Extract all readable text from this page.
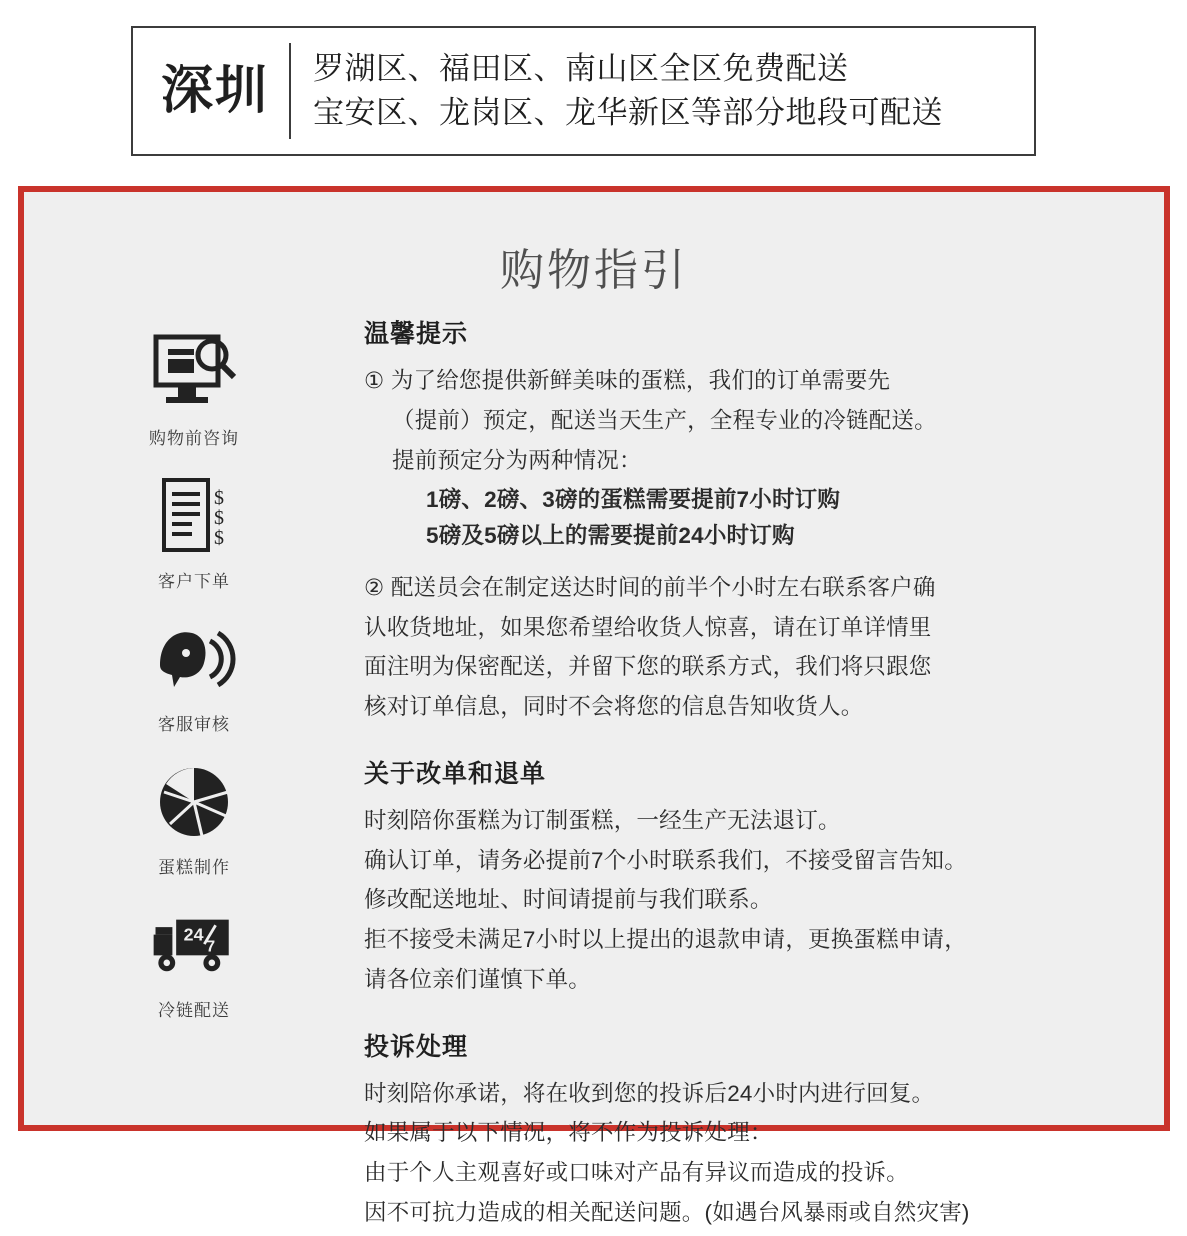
深圳	罗湖区、福田区、南山区全区免费配送
宝安区、龙岗区、龙华新区等部分地段可配送
购物指引
购物前咨询
$
$
$
客户下单
客服审核
蛋糕制作
24
7
冷链配送
温馨提示

① 为了给您提供新鲜美味的蛋糕，我们的订单需要先

（提前）预定，配送当天生产，全程专业的冷链配送。

提前预定分为两种情况：

1磅、2磅、3磅的蛋糕需要提前7小时订购

5磅及5磅以上的需要提前24小时订购

② 配送员会在制定送达时间的前半个小时左右联系客户确

认收货地址，如果您希望给收货人惊喜，请在订单详情里

面注明为保密配送，并留下您的联系方式，我们将只跟您

核对订单信息，同时不会将您的信息告知收货人。

关于改单和退单

时刻陪你蛋糕为订制蛋糕，一经生产无法退订。

确认订单，请务必提前7个小时联系我们，不接受留言告知。

修改配送地址、时间请提前与我们联系。

拒不接受未满足7小时以上提出的退款申请，更换蛋糕申请，

请各位亲们谨慎下单。

投诉处理

时刻陪你承诺，将在收到您的投诉后24小时内进行回复。

如果属于以下情况，将不作为投诉处理：

由于个人主观喜好或口味对产品有异议而造成的投诉。

因不可抗力造成的相关配送问题。(如遇台风暴雨或自然灾害)
